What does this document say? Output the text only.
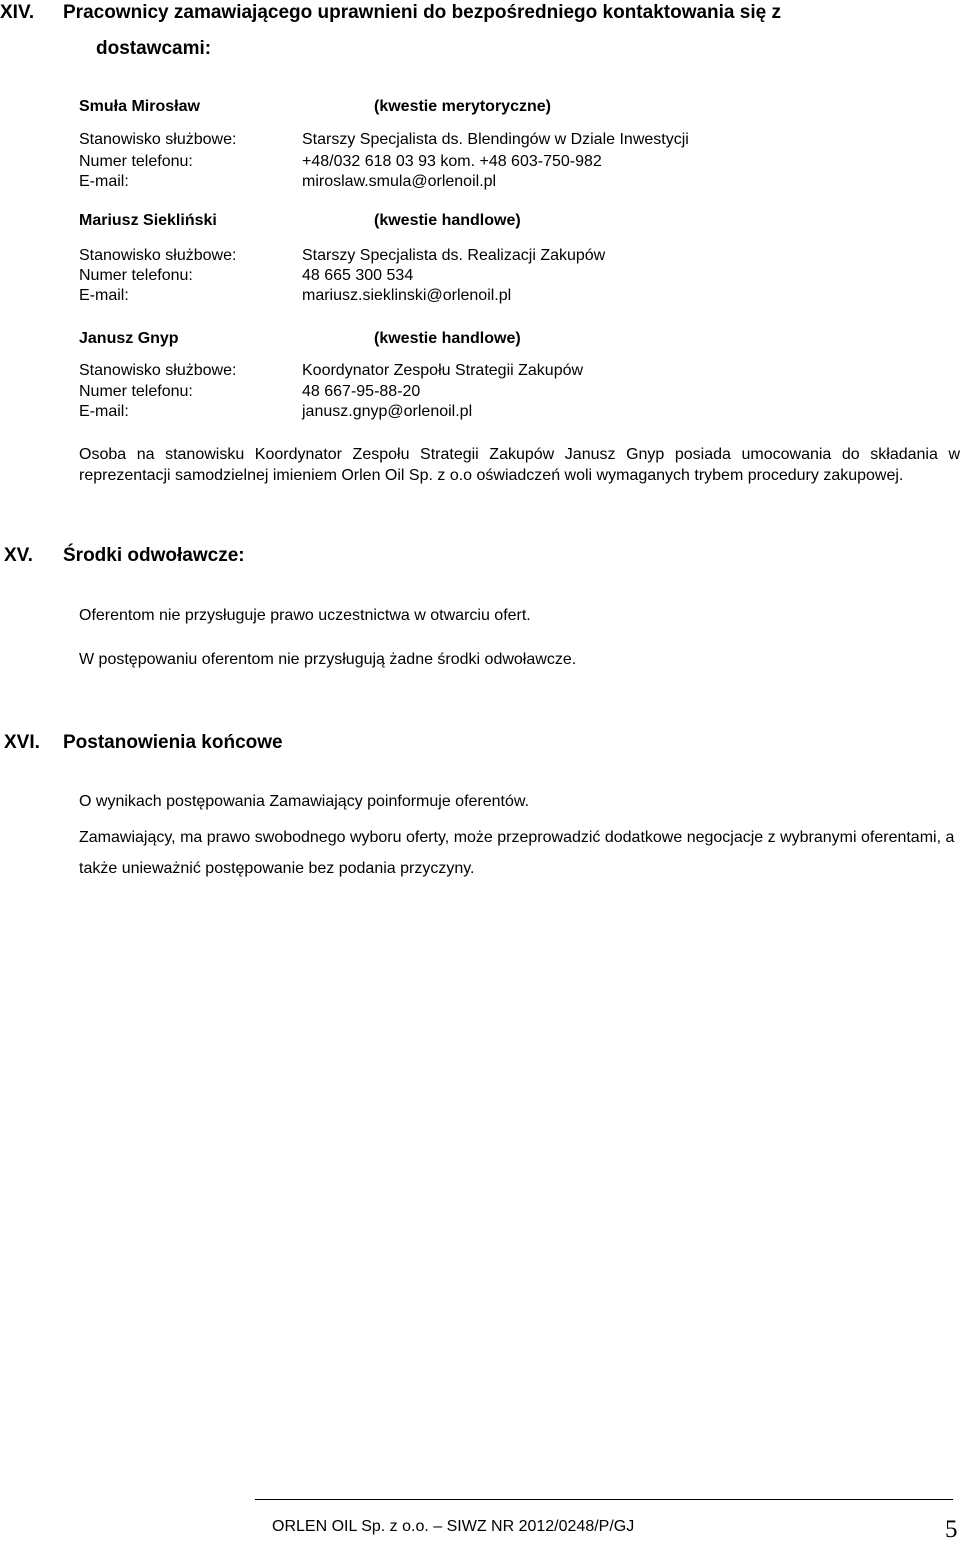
XIV. Pracownicy zamawiającego uprawnieni do bezpośredniego kontaktowania się z
dostawcami:
Smuła Mirosław	(kwestie merytoryczne)
Stanowisko służbowe:	Starszy Specjalista ds. Blendingów w Dziale Inwestycji
Numer telefonu:	+48/032 618 03 93 kom. +48 603-750-982
E-mail:	miroslaw.smula@orlenoil.pl
Mariusz Siekliński	(kwestie handlowe)
Stanowisko służbowe:	Starszy Specjalista ds. Realizacji Zakupów
Numer telefonu:	48 665 300 534
E-mail:	mariusz.sieklinski@orlenoil.pl
Janusz Gnyp	(kwestie handlowe)
Stanowisko służbowe:	Koordynator Zespołu Strategii Zakupów
Numer telefonu:	48 667-95-88-20
E-mail:	janusz.gnyp@orlenoil.pl
Osoba na stanowisku Koordynator Zespołu Strategii Zakupów Janusz Gnyp posiada umocowania do składania w reprezentacji samodzielnej imieniem Orlen Oil Sp. z o.o oświadczeń woli wymaganych trybem procedury zakupowej.
XV. Środki odwoławcze:
Oferentom nie przysługuje prawo uczestnictwa w otwarciu ofert.
W postępowaniu oferentom nie przysługują żadne środki odwoławcze.
XVI. Postanowienia końcowe
O wynikach postępowania Zamawiający poinformuje oferentów.
Zamawiający, ma prawo swobodnego wyboru oferty, może przeprowadzić dodatkowe negocjacje z wybranymi oferentami, a także unieważnić postępowanie bez podania przyczyny.
ORLEN OIL Sp. z o.o. – SIWZ NR 2012/0248/P/GJ	5
